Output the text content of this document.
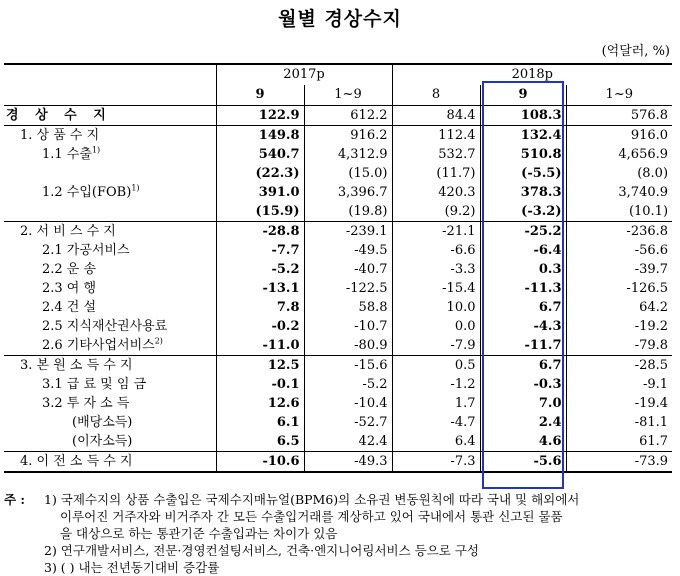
월별 경상수지
(억달러, %)
	2017p		2018p		
	9	1~9	8	9	1~9
경 상 수 지	122.9	612.2	84.4	108.3	576.8
1. 상 품 수 지	149.8	916.2	112.4	132.4	916.0
1.1 수출$^{1)}$	540.7	4,312.9	532.7	510.8	4,656.9
	(22.3)	(15.0)	(11.7)	(-5.5)	(8.0)
1.2 수입(FOB)$^{1)}$	391.0	3,396.7	420.3	378.3	3,740.9
	(15.9)	(19.8)	(9.2)	(-3.2)	(10.1)
2. 서 비 스 수 지	-28.8	-239.1	-21.1	-25.2	-236.8
2.1 가공서비스	-7.7	-49.5	-6.6	-6.4	-56.6
2.2 운 송	-5.2	-40.7	-3.3	0.3	-39.7
2.3 여 행	-13.1	-122.5	-15.4	-11.3	-126.5
2.4 건 설	7.8	58.8	10.0	6.7	64.2
2.5 지식재산권사용료	-0.2	-10.7	0.0	-4.3	-19.2
2.6 기타사업서비스$^{2)}$	-11.0	-80.9	-7.9	-11.7	-79.8
3. 본 원 소 득 수 지	12.5	-15.6	0.5	6.7	-28.5
3.1 급 료 및 임 금	-0.1	-5.2	-1.2	-0.3	-9.1
3.2 투 자 소 득	12.6	-10.4	1.7	7.0	-19.4
(배당소득)	6.1	-52.7	-4.7	2.4	-81.1
(이자소득)	6.5	42.4	6.4	4.6	61.7
4. 이 전 소 득 수 지	-10.6	-49.3	-7.3	-5.6	-73.9
주 : 1) 국제수지의 상품 수출입은 국제수지매뉴얼(BPM6)의 소유권 변동원칙에 따라 국내 및 해외에서
이루어진 거주자와 비거주자 간 모든 수출입거래를 계상하고 있어 국내에서 통관 신고된 물품
을 대상으로 하는 통관기준 수출입과는 차이가 있음
2) 연구개발서비스, 전문·경영컨설팅서비스, 건축·엔지니어링서비스 등으로 구성
3) ( ) 내는 전년동기대비 증감률
